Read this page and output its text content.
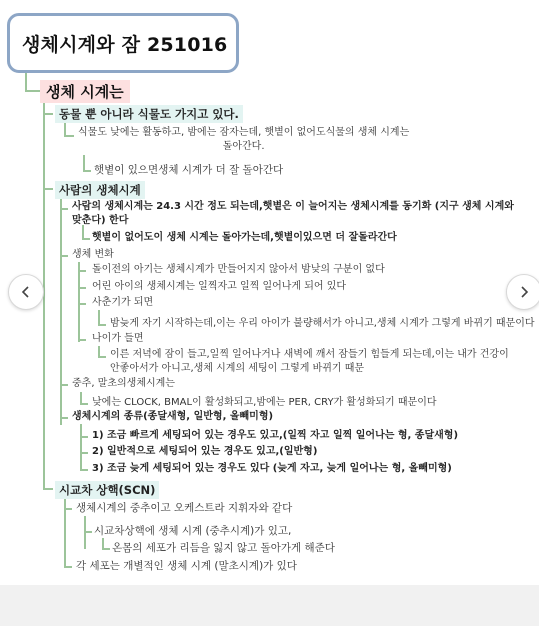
생체시계와 잠 251016
생체 시계는
동물 뿐 아니라 식물도 가지고 있다.
식물도 낮에는 활동하고, 밤에는 잠자는데, 햇볕이 없어도식물의 생체 시계는
돌아간다.
햇볕이 있으면생체 시계가 더 잘 돌아간다
사람의 생체시계
사람의 생체시계는 24.3 시간 정도 되는데,햇볕은 이 늘어지는 생체시계를 동기화 (지구 생체 시계와
맞춘다) 한다
햇볕이 없어도이 생체 시계는 돌아가는데,햇볕이있으면 더 잘돌라간다
생체 변화
돌이전의 아기는 생체시계가 만들어지지 않아서 밤낮의 구분이 없다
어린 아이의 생체시계는 일찍자고 일찍 일어나게 되어 있다
사춘기가 되면
밤늦게 자기 시작하는데,이는 우리 아이가 불량해서가 아니고,생체 시계가 그렇게 바뀌기 때문이다
나이가 들면
이른 저녁에 잠이 들고,일찍 일어나거나 새벽에 깨서 잠들기 힘들게 되는데,이는 내가 건강이
안좋아서가 아니고,생체 시계의 세팅이 그렇게 바뀌기 때문
중추, 말초의생체시계는
낮에는 CLOCK, BMAL이 활성화되고,밤에는 PER, CRY가 활성화되기 때문이다
생체시계의 종류(종달새형, 일반형, 올빼미형)
1) 조금 빠르게 세팅되어 있는 경우도 있고,(일찍 자고 일찍 일어나는 형, 종달새형)
2) 일반적으로 세팅되어 있는 경우도 있고,(일반형)
3) 조금 늦게 세팅되어 있는 경우도 있다 (늦게 자고, 늦게 일어나는 형, 올빼미형)
시교차 상핵(SCN)
생체시계의 중추이고 오케스트라 지휘자와 같다
시교차상핵에 생체 시계 (중추시계)가 있고,
온몸의 세포가 리듬을 잃지 않고 돌아가게 해준다
각 세포는 개별적인 생체 시계 (말초시계)가 있다
